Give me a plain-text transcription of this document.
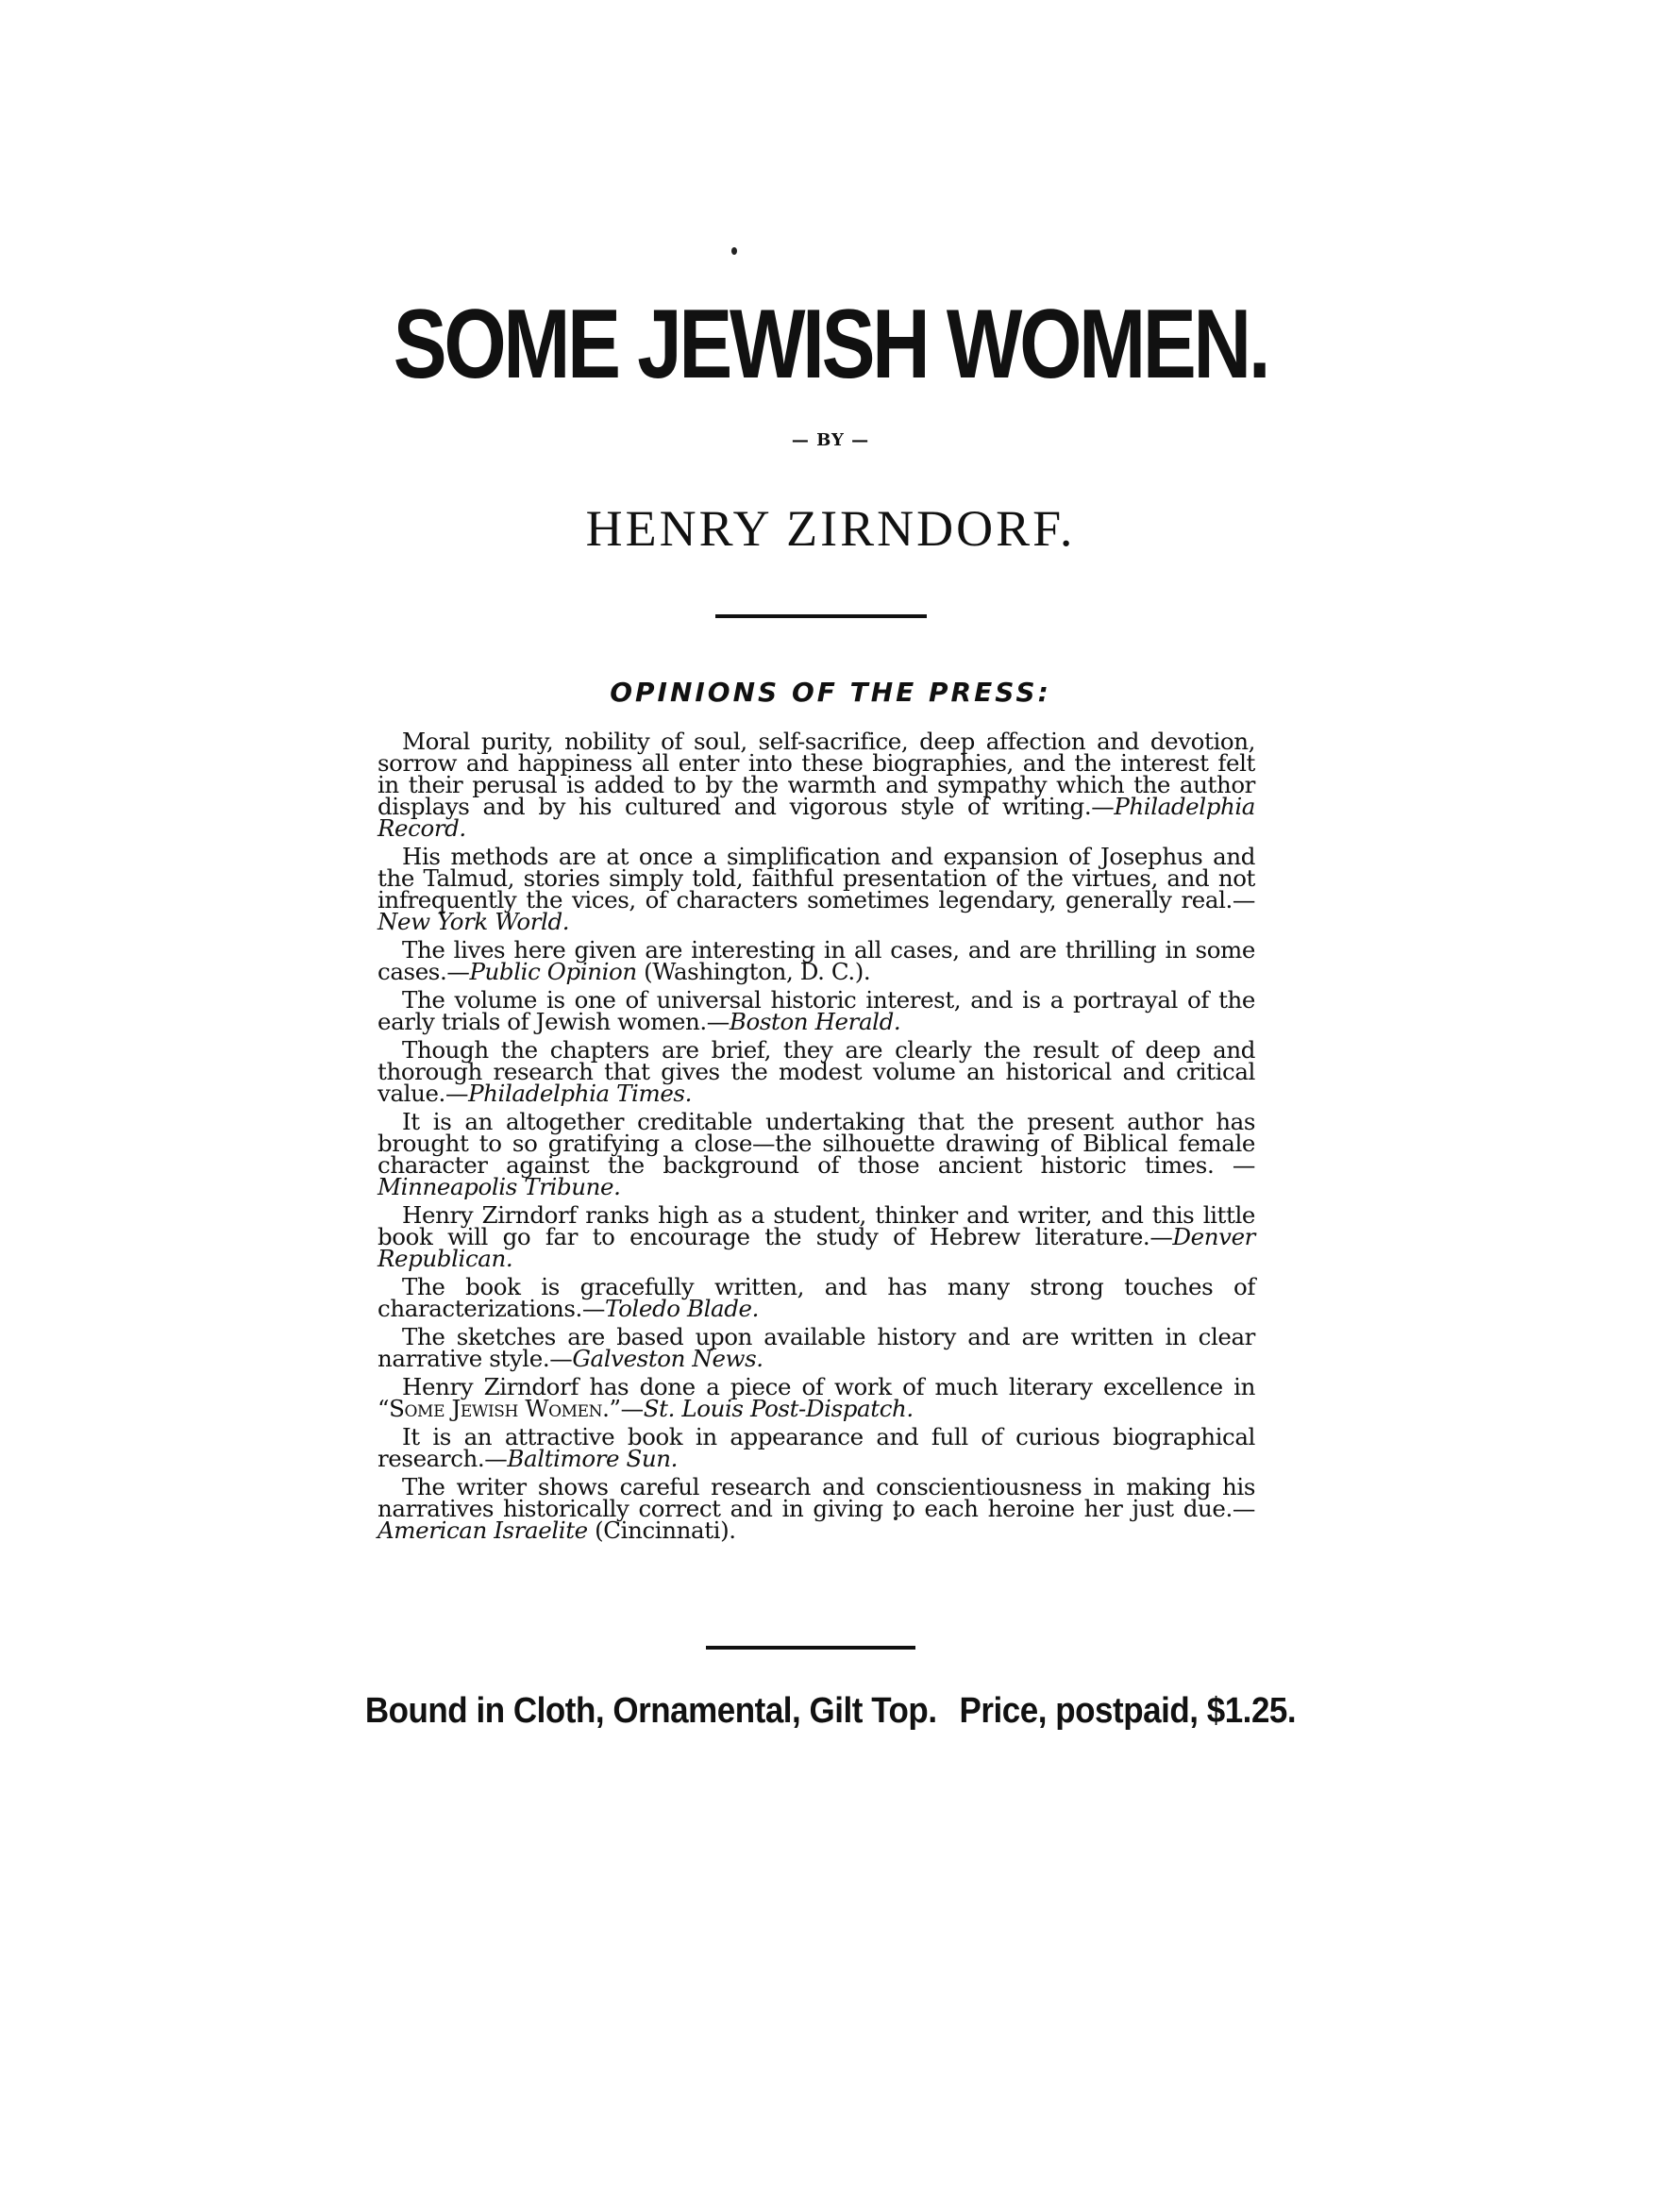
SOME JEWISH WOMEN.
— BY —
HENRY ZIRNDORF.
OPINIONS OF THE PRESS:

Moral purity, nobility of soul, self-sacrifice, deep affection and devotion, sorrow and happiness all enter into these biographies, and the interest felt in their perusal is added to by the warmth and sympathy which the author displays and by his cultured and vigorous style of writing.—Philadelphia Record.

His methods are at once a simplification and expansion of Josephus and the Talmud, stories simply told, faithful presentation of the virtues, and not infrequently the vices, of characters sometimes legendary, generally real.—New York World.

The lives here given are interesting in all cases, and are thrilling in some cases.—Public Opinion (Washington, D. C.).

The volume is one of universal historic interest, and is a portrayal of the early trials of Jewish women.—Boston Herald.

Though the chapters are brief, they are clearly the result of deep and thorough research that gives the modest volume an historical and critical value.—Philadelphia Times.

It is an altogether creditable undertaking that the present author has brought to so gratifying a close—the silhouette drawing of Biblical female character against the background of those ancient historic times. —Minneapolis Tribune.

Henry Zirndorf ranks high as a student, thinker and writer, and this little book will go far to encourage the study of Hebrew literature.—Denver Republican.

The book is gracefully written, and has many strong touches of characterizations.—Toledo Blade.

The sketches are based upon available history and are written in clear narrative style.—Galveston News.

Henry Zirndorf has done a piece of work of much literary excellence in “Some Jewish Women.”—St. Louis Post-Dispatch.

It is an attractive book in appearance and full of curious biographical research.—Baltimore Sun.

The writer shows careful research and conscientiousness in making his narratives historically correct and in giving to each heroine her just due.—American Israelite (Cincinnati).

Bound in Cloth, Ornamental, Gilt Top. Price, postpaid, $1.25.
